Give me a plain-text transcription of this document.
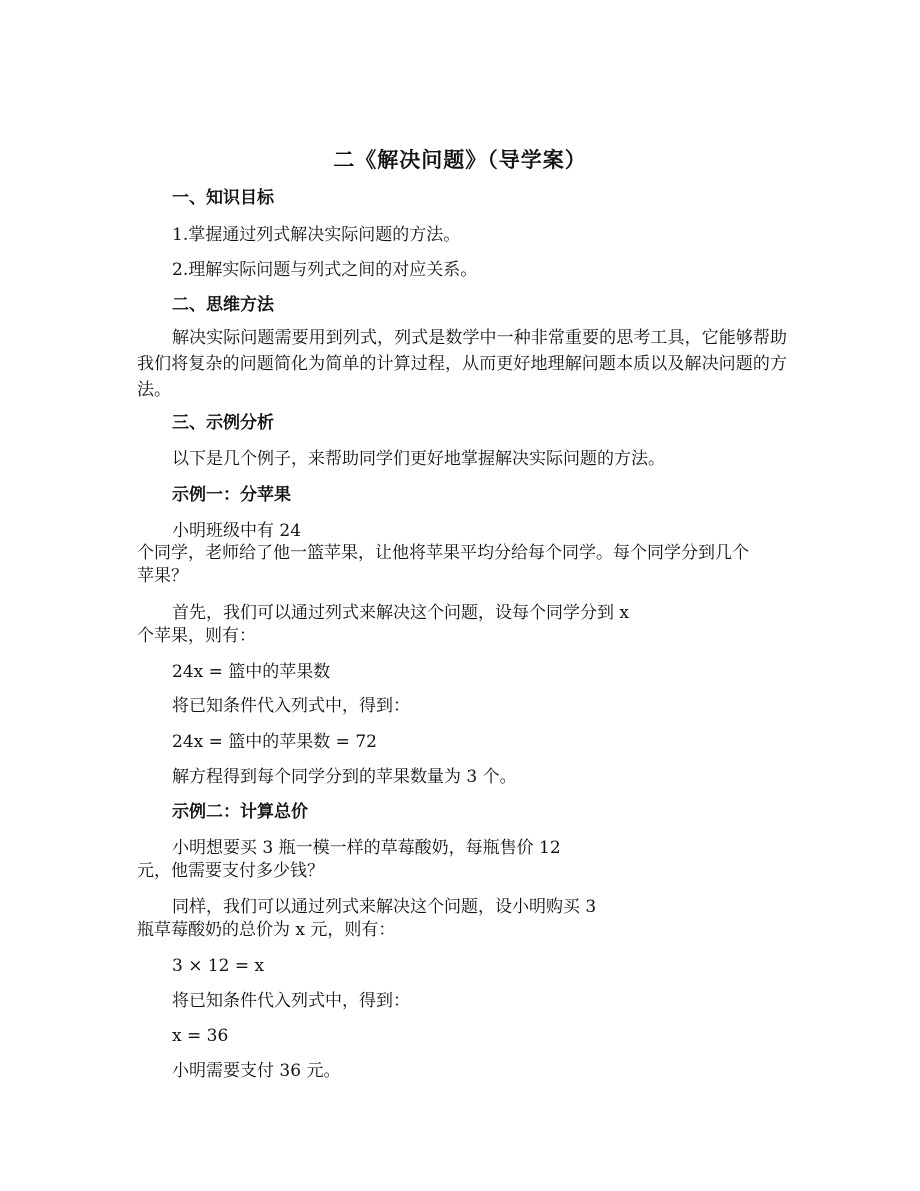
二《解决问题》（导学案）
一、知识目标
1.掌握通过列式解决实际问题的方法。
2.理解实际问题与列式之间的对应关系。
二、思维方法
解决实际问题需要用到列式，列式是数学中一种非常重要的思考工具，它能够帮助我们将复杂的问题简化为简单的计算过程，从而更好地理解问题本质以及解决问题的方法。
三、示例分析
以下是几个例子，来帮助同学们更好地掌握解决实际问题的方法。
示例一：分苹果
小明班级中有 24
个同学，老师给了他一篮苹果，让他将苹果平均分给每个同学。每个同学分到几个
苹果？
首先，我们可以通过列式来解决这个问题，设每个同学分到 x
个苹果，则有：
24x = 篮中的苹果数
将已知条件代入列式中，得到：
24x = 篮中的苹果数 = 72
解方程得到每个同学分到的苹果数量为 3 个。
示例二：计算总价
小明想要买 3 瓶一模一样的草莓酸奶，每瓶售价 12
元，他需要支付多少钱？
同样，我们可以通过列式来解决这个问题，设小明购买 3
瓶草莓酸奶的总价为 x 元，则有：
3 × 12 = x
将已知条件代入列式中，得到：
x = 36
小明需要支付 36 元。
